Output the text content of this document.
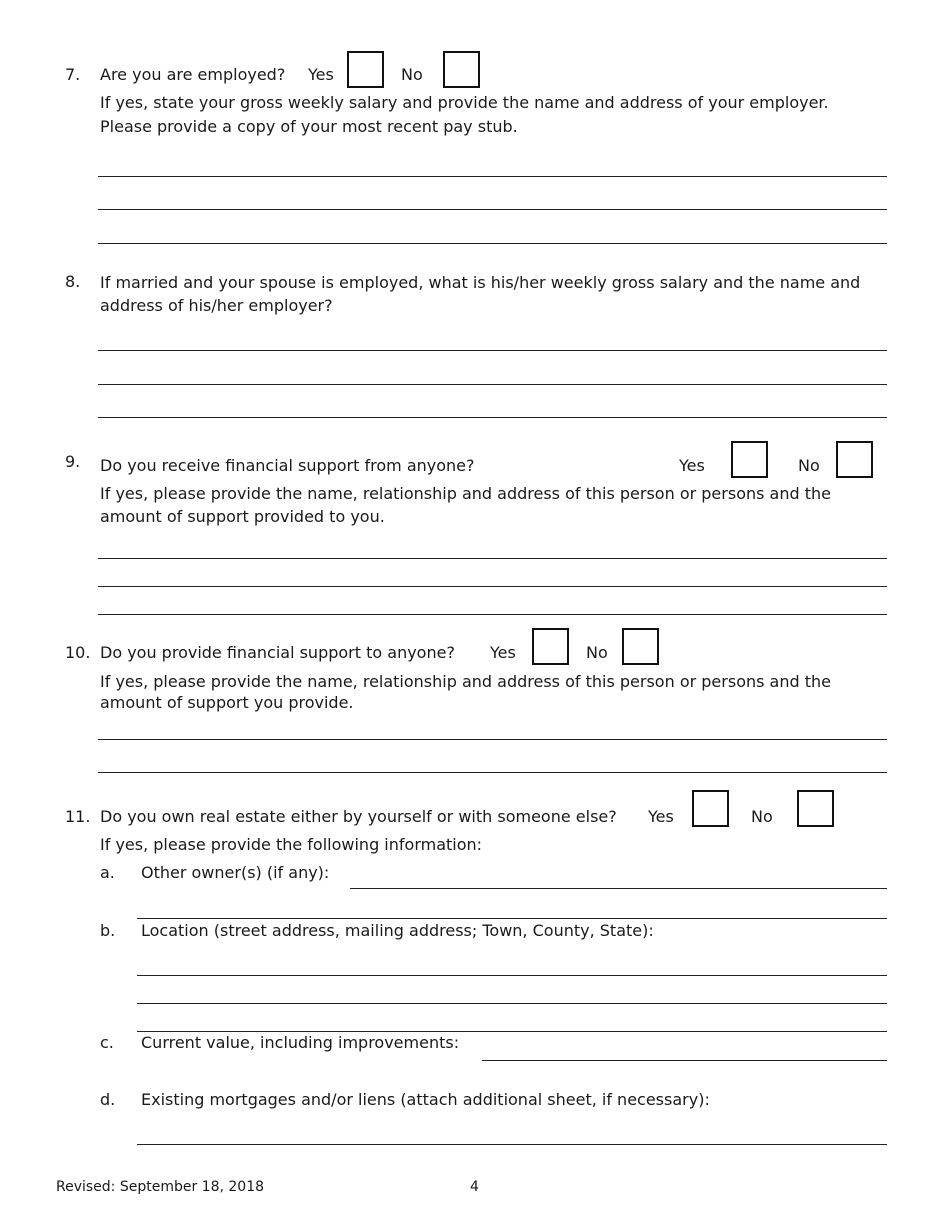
7. Are you are employed? Yes	No
If yes, state your gross weekly salary and provide the name and address of your employer.
Please provide a copy of your most recent pay stub.
8. If married and your spouse is employed, what is his/her weekly gross salary and the name and
address of his/her employer?
9. Do you receive financial support from anyone?	Yes	No
If yes, please provide the name, relationship and address of this person or persons and the
amount of support provided to you.
10. Do you provide financial support to anyone? Yes	No
If yes, please provide the name, relationship and address of this person or persons and the
amount of support you provide.
11. Do you own real estate either by yourself or with someone else? Yes	No
If yes, please provide the following information:
a. Other owner(s) (if any):
b. Location (street address, mailing address; Town, County, State):
c. Current value, including improvements:
d. Existing mortgages and/or liens (attach additional sheet, if necessary):
Revised: September 18, 2018	4
